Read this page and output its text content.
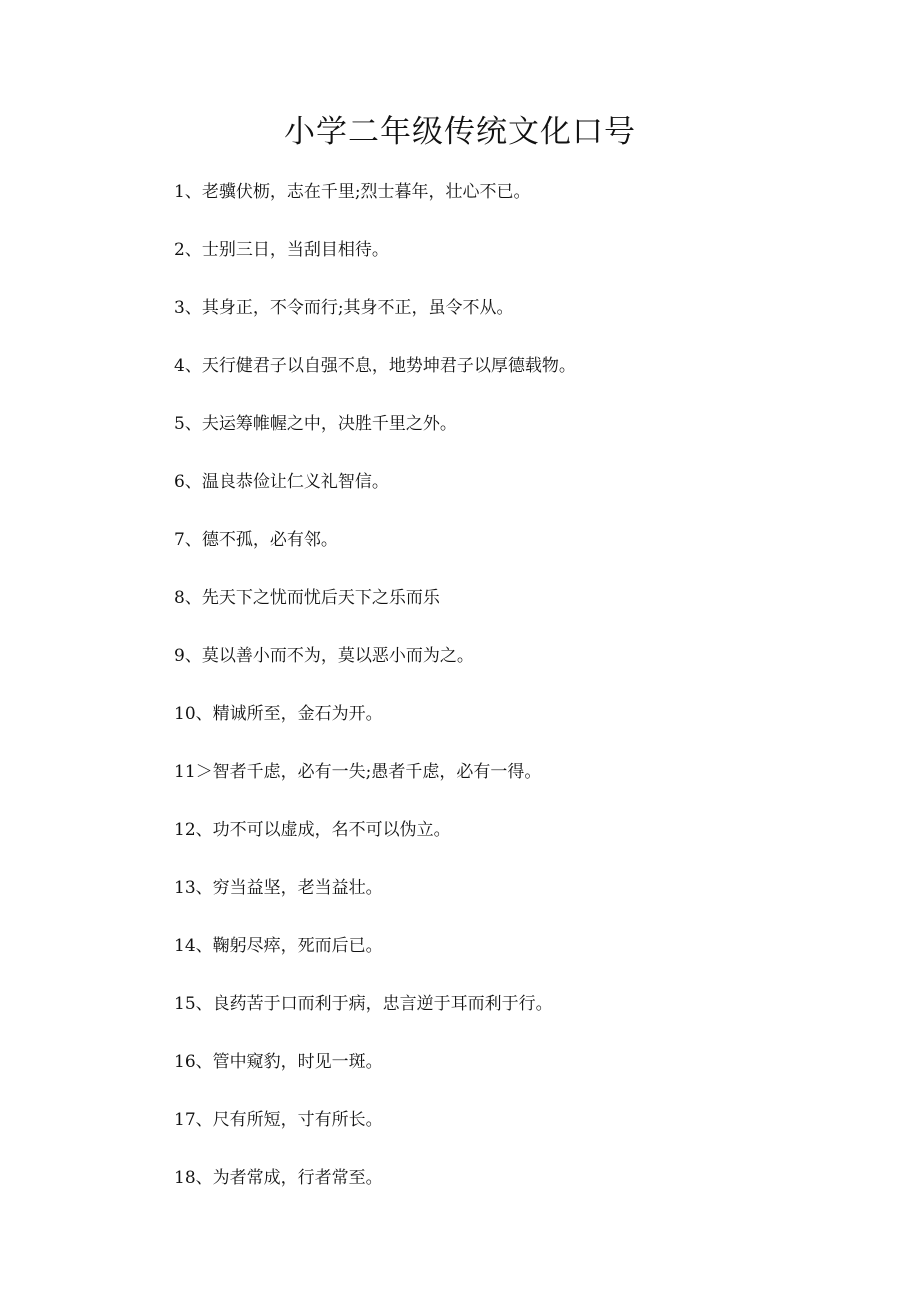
小学二年级传统文化口号
1、老骥伏枥，志在千里;烈士暮年，壮心不已。
2、士别三日，当刮目相待。
3、其身正，不令而行;其身不正，虽令不从。
4、天行健君子以自强不息，地势坤君子以厚德载物。
5、夫运筹帷幄之中，决胜千里之外。
6、温良恭俭让仁义礼智信。
7、德不孤，必有邻。
8、先天下之忧而忧后天下之乐而乐
9、莫以善小而不为，莫以恶小而为之。
10、精诚所至，金石为开。
11＞智者千虑，必有一失;愚者千虑，必有一得。
12、功不可以虚成，名不可以伪立。
13、穷当益坚，老当益壮。
14、鞠躬尽瘁，死而后已。
15、良药苦于口而利于病，忠言逆于耳而利于行。
16、管中窥豹，时见一斑。
17、尺有所短，寸有所长。
18、为者常成，行者常至。
